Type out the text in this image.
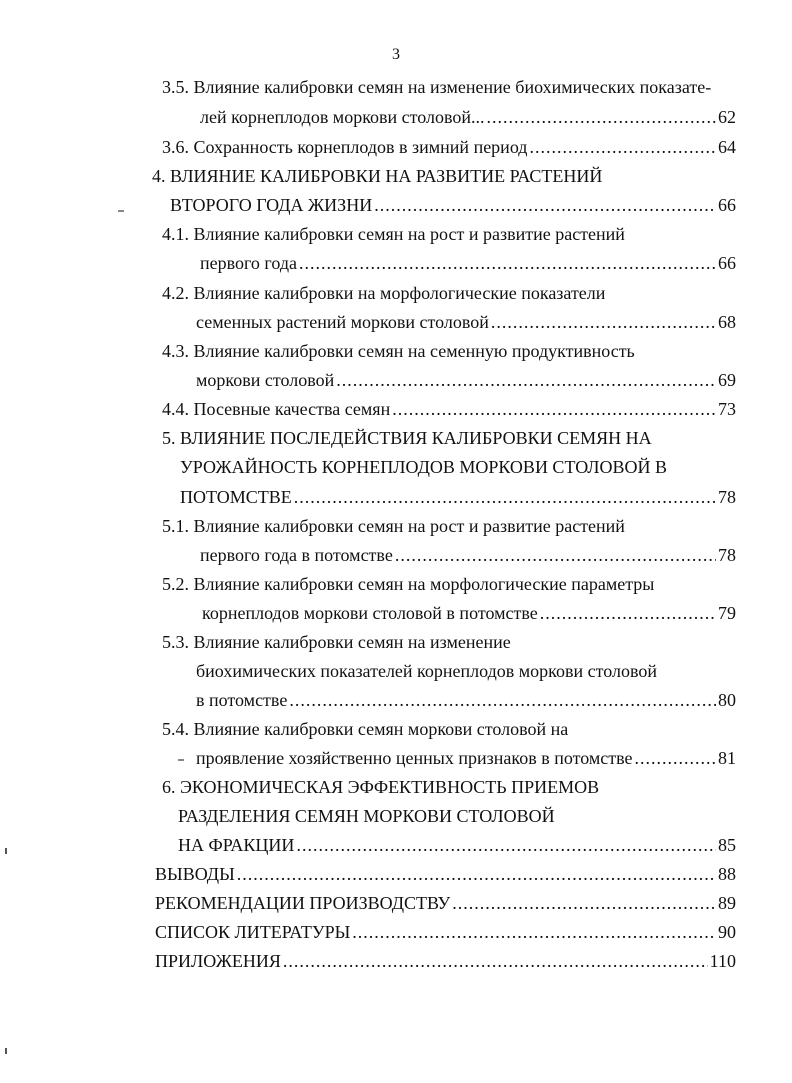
3
3.5. Влияние калибровки семян на изменение биохимических показате-
лей корнеплодов моркови столовой... .....	62
3.6. Сохранность корнеплодов в зимний период .....	64
4. ВЛИЯНИЕ КАЛИБРОВКИ НА РАЗВИТИЕ РАСТЕНИЙ
ВТОРОГО ГОДА ЖИЗНИ .....	66
4.1. Влияние калибровки семян на рост и развитие растений
первого года .....	66
4.2. Влияние калибровки на морфологические показатели
семенных растений моркови столовой .....	68
4.3. Влияние калибровки семян на семенную продуктивность
моркови столовой .....	69
4.4. Посевные качества семян .....	73
5. ВЛИЯНИЕ ПОСЛЕДЕЙСТВИЯ КАЛИБРОВКИ СЕМЯН НА
УРОЖАЙНОСТЬ КОРНЕПЛОДОВ МОРКОВИ СТОЛОВОЙ В
ПОТОМСТВЕ .....	78
5.1. Влияние калибровки семян на рост и развитие растений
первого года в потомстве .....	78
5.2. Влияние калибровки семян на морфологические параметры
корнеплодов моркови столовой в потомстве .....	79
5.3. Влияние калибровки семян на изменение
биохимических показателей корнеплодов моркови столовой
в потомстве .....	80
5.4. Влияние калибровки семян моркови столовой на
проявление хозяйственно ценных признаков в потомстве .....	81
6. ЭКОНОМИЧЕСКАЯ ЭФФЕКТИВНОСТЬ ПРИЕМОВ
РАЗДЕЛЕНИЯ СЕМЯН МОРКОВИ СТОЛОВОЙ
НА ФРАКЦИИ .....	85
ВЫВОДЫ .....	88
РЕКОМЕНДАЦИИ ПРОИЗВОДСТВУ .....	89
СПИСОК ЛИТЕРАТУРЫ .....	90
ПРИЛОЖЕНИЯ .....	110
